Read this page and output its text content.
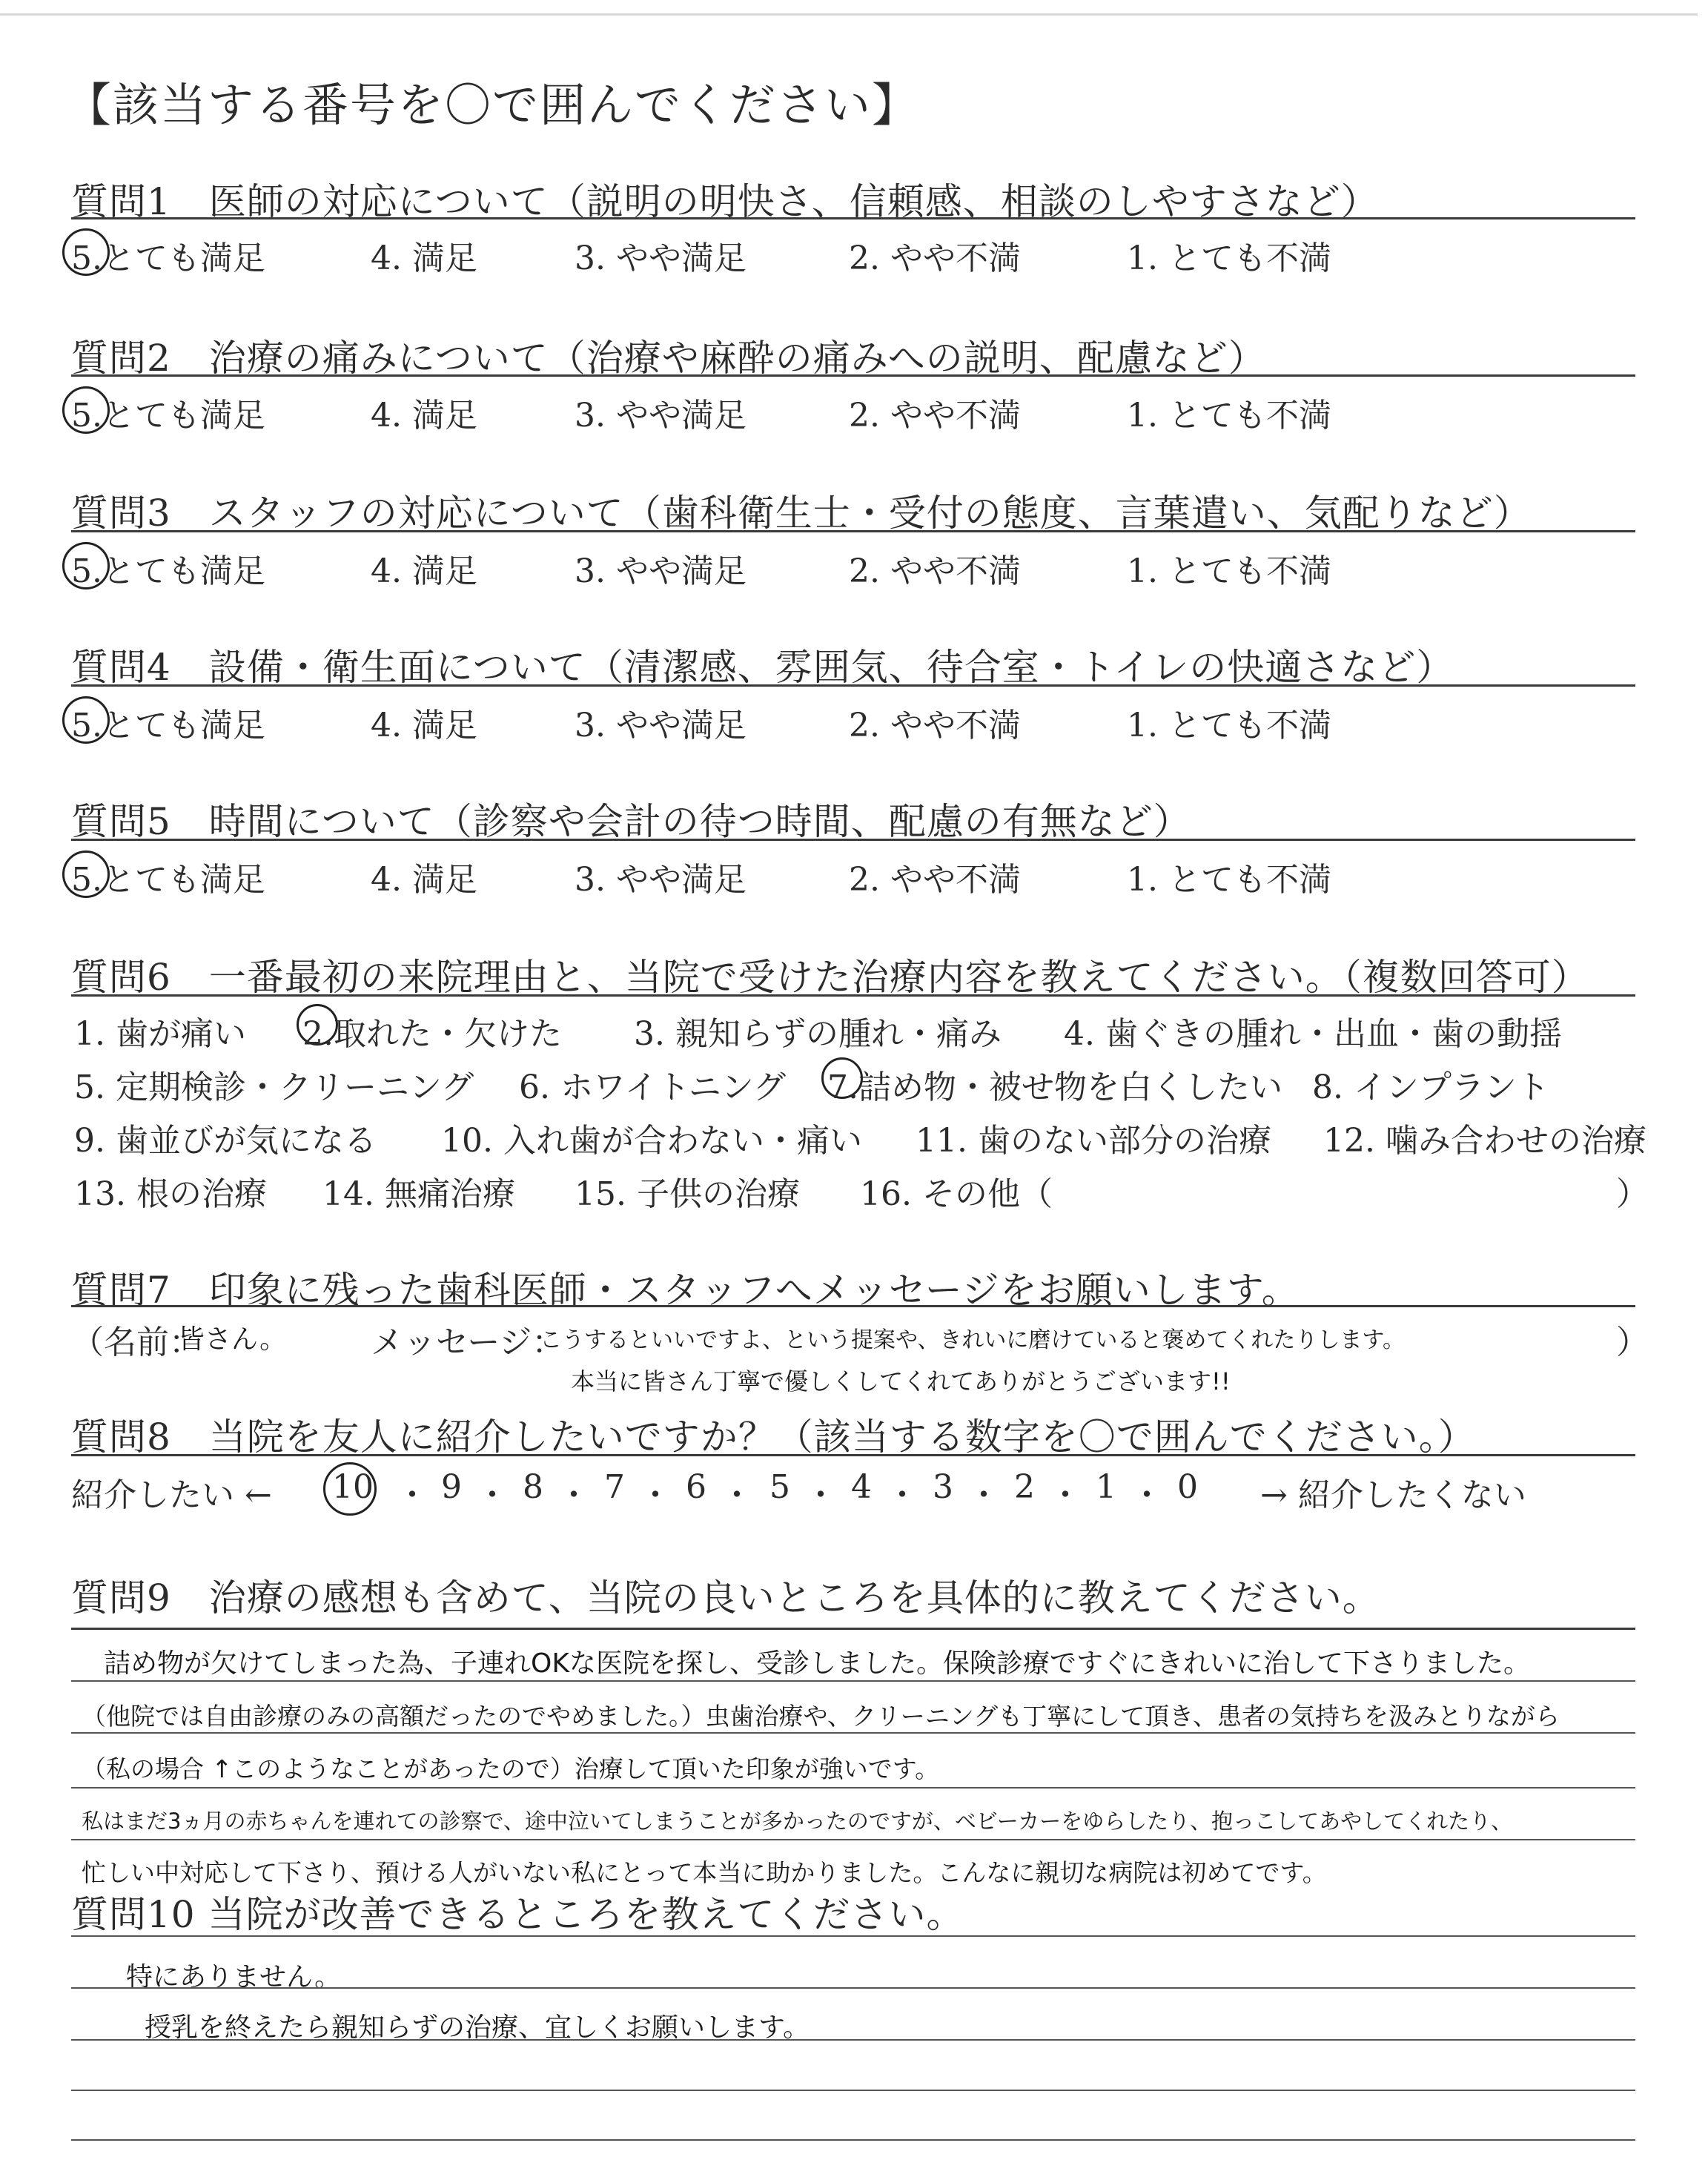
【該当する番号を〇で囲んでください】
質問1　医師の対応について（説明の明快さ、信頼感、相談のしやすさなど）
5.とても満足	4. 満足	3. やや満足	2. やや不満	1. とても不満
質問2　治療の痛みについて（治療や麻酔の痛みへの説明、配慮など）
5.とても満足	4. 満足	3. やや満足	2. やや不満	1. とても不満
質問3　スタッフの対応について（歯科衛生士・受付の態度、言葉遣い、気配りなど）
5.とても満足	4. 満足	3. やや満足	2. やや不満	1. とても不満
質問4　設備・衛生面について（清潔感、雰囲気、待合室・トイレの快適さなど）
5.とても満足	4. 満足	3. やや満足	2. やや不満	1. とても不満
質問5　時間について（診察や会計の待つ時間、配慮の有無など）
5.とても満足	4. 満足	3. やや満足	2. やや不満	1. とても不満
質問6　一番最初の来院理由と、当院で受けた治療内容を教えてください。（複数回答可）
1. 歯が痛い 2.取れた・欠けた 3. 親知らずの腫れ・痛み 4. 歯ぐきの腫れ・出血・歯の動揺
5. 定期検診・クリーニング 6. ホワイトニング 7.詰め物・被せ物を白くしたい 8. インプラント
9. 歯並びが気になる 10. 入れ歯が合わない・痛い 11. 歯のない部分の治療 12. 噛み合わせの治療
13. 根の治療 14. 無痛治療 15. 子供の治療 16. その他（	）
質問7　印象に残った歯科医師・スタッフへメッセージをお願いします。
（名前：
皆さん。	メッセージ：
こうするといいですよ、という提案や、きれいに磨けていると褒めてくれたりします。	）
本当に皆さん丁寧で優しくしてくれてありがとうございます!!
質問8　当院を友人に紹介したいですか？（該当する数字を〇で囲んでください。）
紹介したい ← 10 ・ 9 ・ 8 ・ 7 ・ 6 ・ 5 ・ 4 ・ 3 ・ 2 ・ 1 ・ 0 → 紹介したくない
質問9　治療の感想も含めて、当院の良いところを具体的に教えてください。
詰め物が欠けてしまった為、子連れOKな医院を探し、受診しました。保険診療ですぐにきれいに治して下さりました。
（他院では自由診療のみの高額だったのでやめました。）虫歯治療や、クリーニングも丁寧にして頂き、患者の気持ちを汲みとりながら
（私の場合 ↑このようなことがあったので）治療して頂いた印象が強いです。
私はまだ3ヵ月の赤ちゃんを連れての診察で、途中泣いてしまうことが多かったのですが、ベビーカーをゆらしたり、抱っこしてあやしてくれたり、
忙しい中対応して下さり、預ける人がいない私にとって本当に助かりました。こんなに親切な病院は初めてです。
質問10 当院が改善できるところを教えてください。
特にありません。
授乳を終えたら親知らずの治療、宜しくお願いします。
